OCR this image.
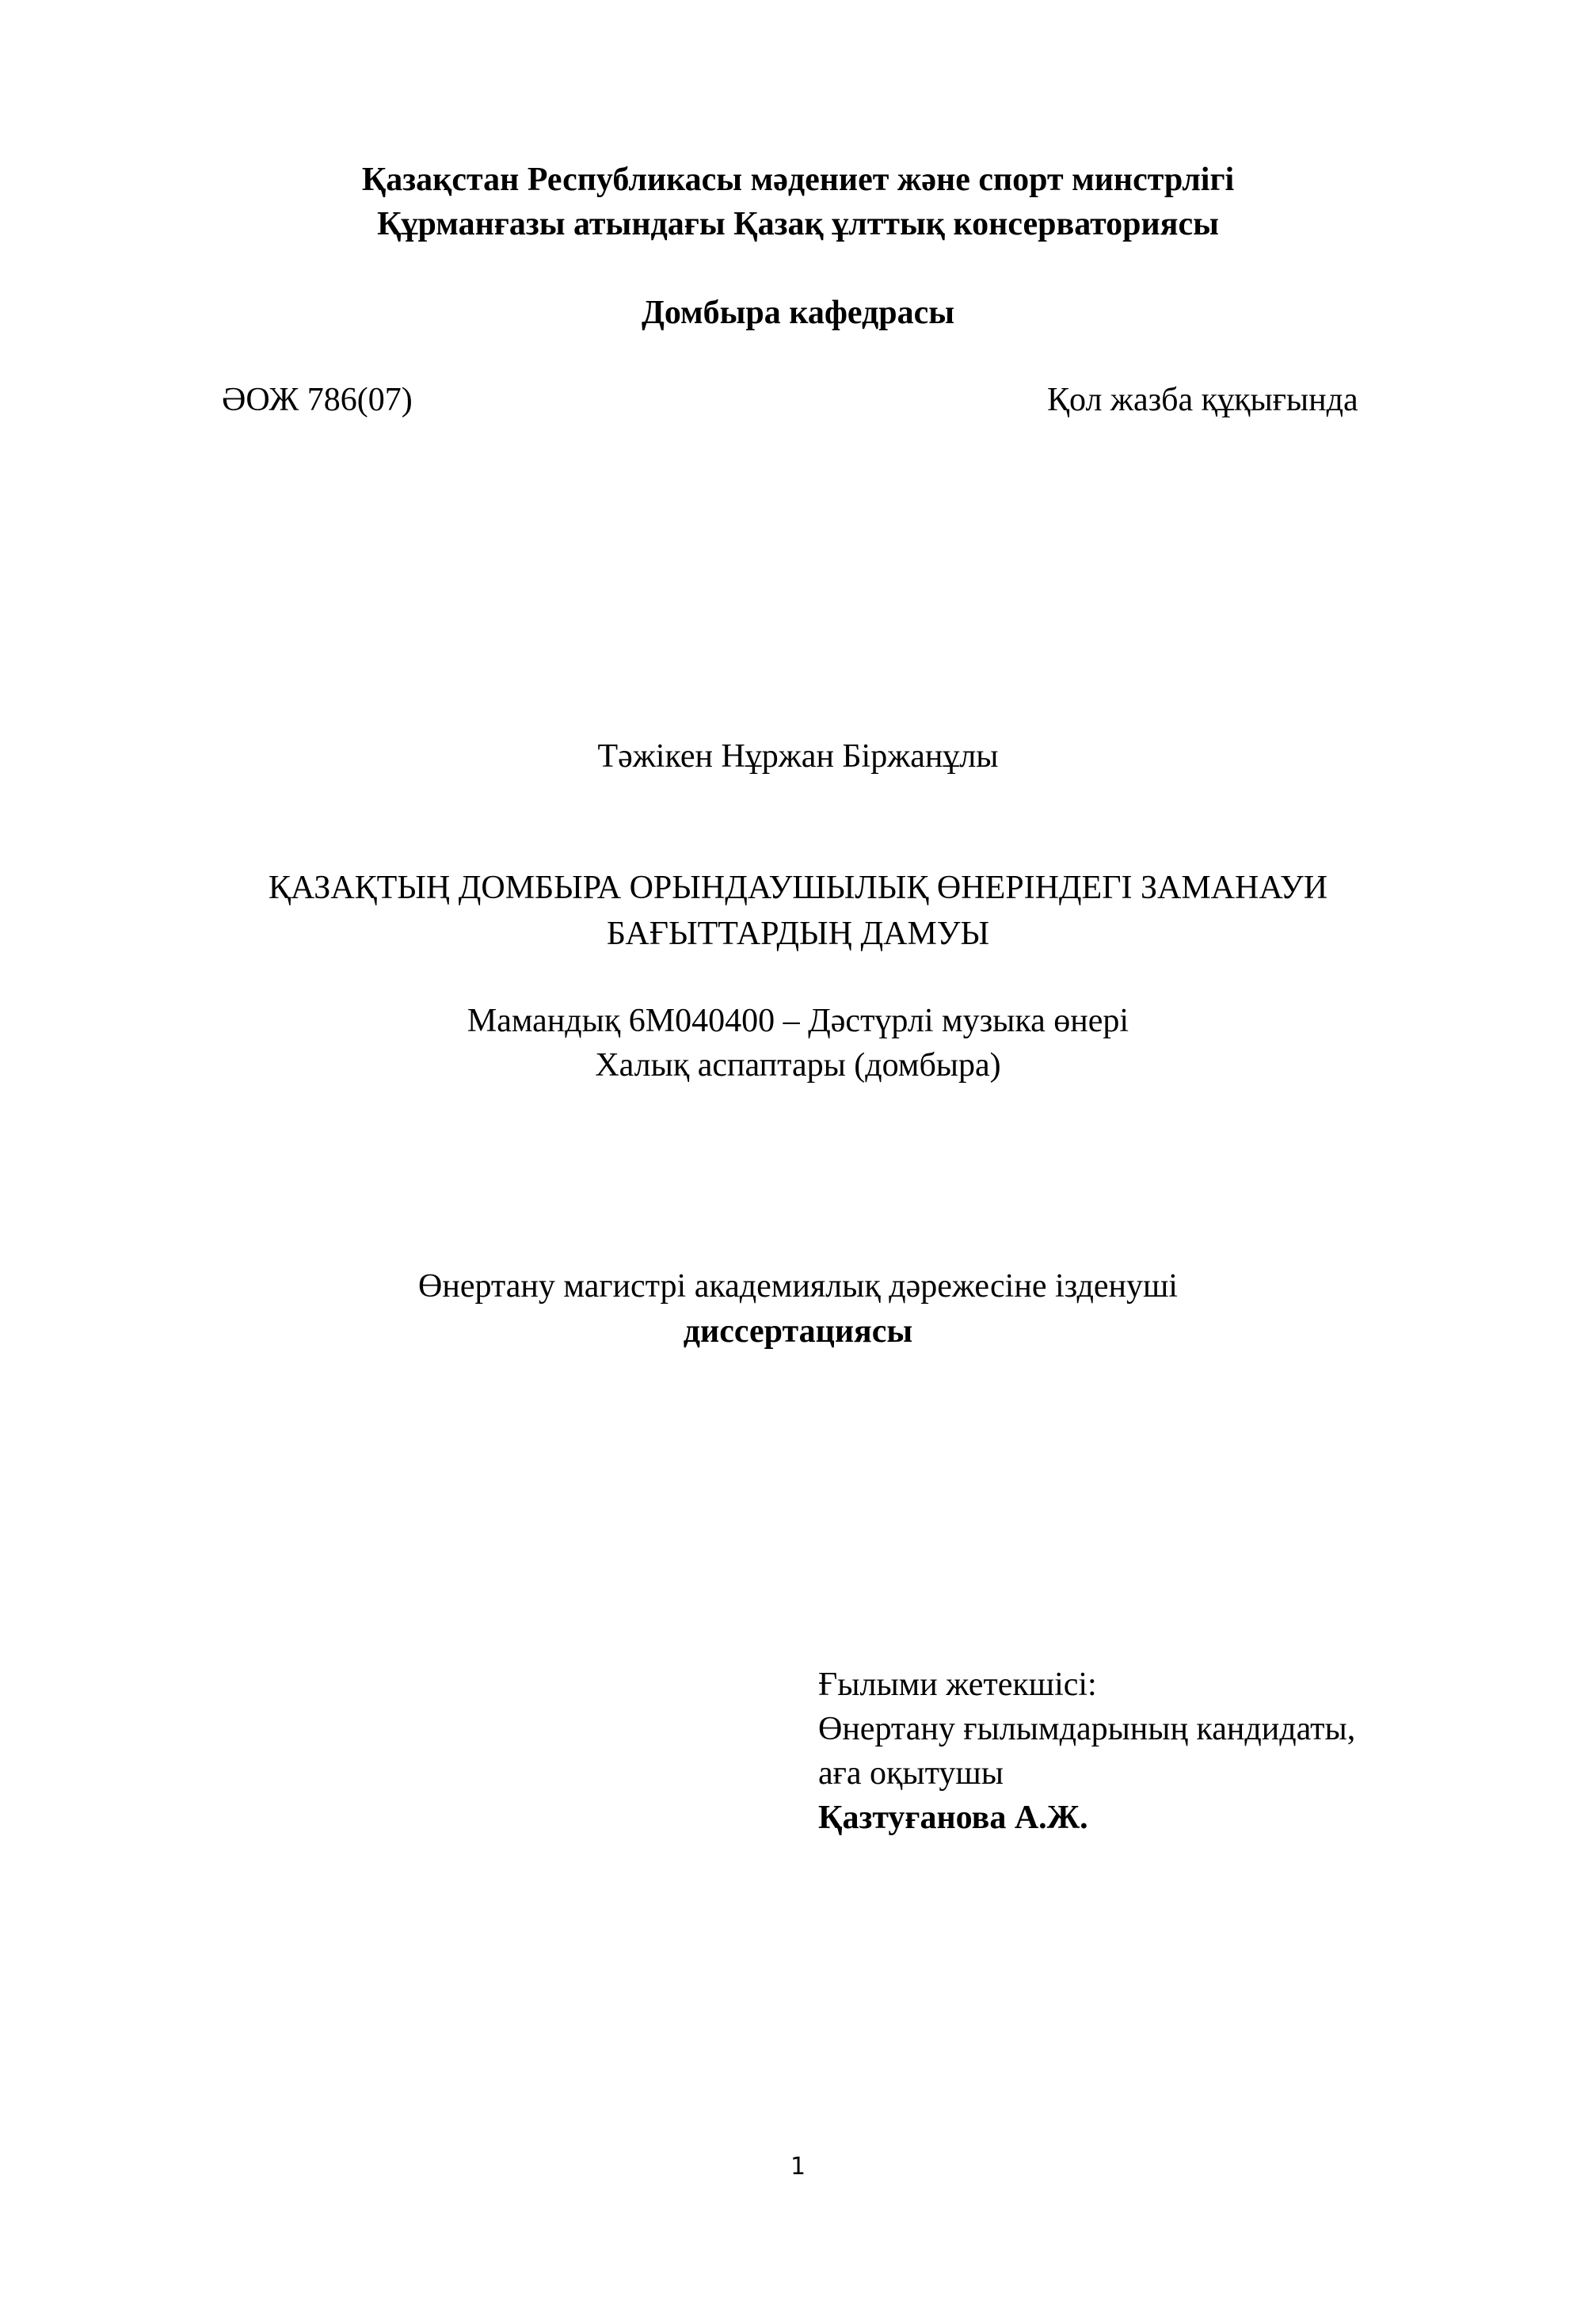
Қазақстан Республикасы мәдениет және спорт минстрлігі
Құрманғазы атындағы Қазақ ұлттық консерваториясы
Домбыра кафедрасы
ӘОЖ 786(07)	Қол жазба құқығында
Тәжікен Нұржан Біржанұлы
ҚАЗАҚТЫҢ ДОМБЫРА ОРЫНДАУШЫЛЫҚ ӨНЕРІНДЕГІ ЗАМАНАУИ
БАҒЫТТАРДЫҢ ДАМУЫ
Мамандық 6М040400 – Дәстүрлі музыка өнері
Халық аспаптары (домбыра)
Өнертану магистрі академиялық дәрежесіне ізденуші
диссертациясы
Ғылыми жетекшісі:
Өнертану ғылымдарының кандидаты,
аға оқытушы
Қазтуғанова А.Ж.
1
